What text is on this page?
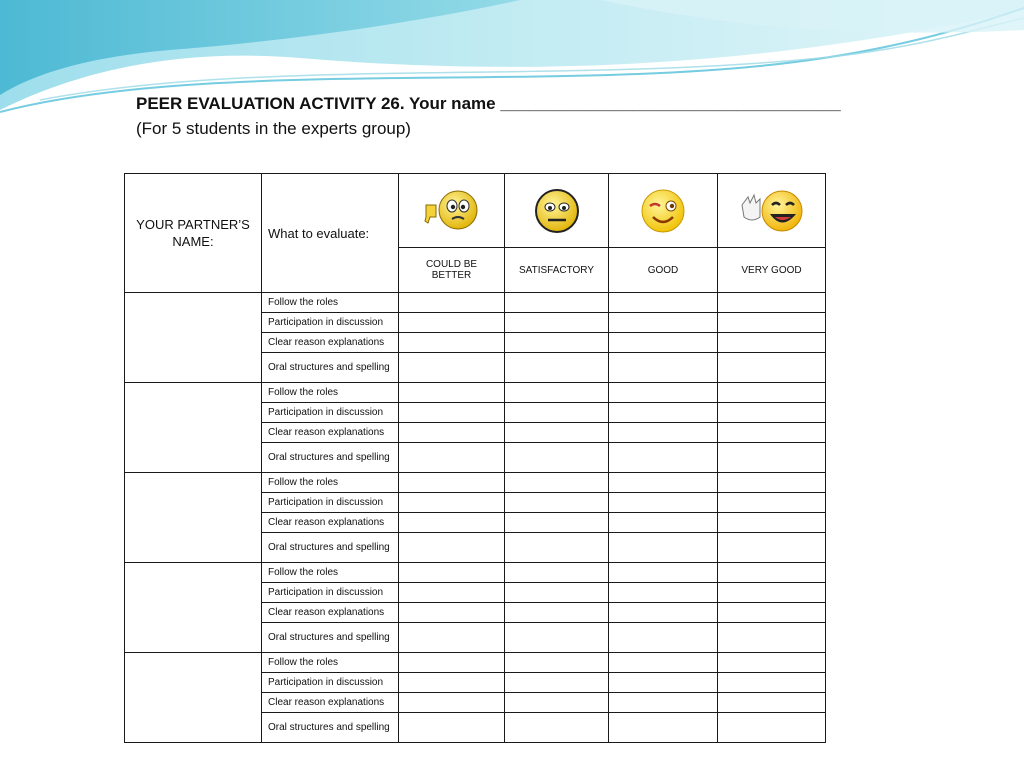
PEER EVALUATION ACTIVITY 26. Your name ____________________________________
(For 5 students in the experts group)
YOUR PARTNER’S NAME:	What to evaluate:				
		COULD BE BETTER	SATISFACTORY	GOOD	VERY GOOD
	Follow the roles				
	Participation in discussion				
	Clear reason explanations				
	Oral structures and spelling				
	Follow the roles				
	Participation in discussion				
	Clear reason explanations				
	Oral structures and spelling				
	Follow the roles				
	Participation in discussion				
	Clear reason explanations				
	Oral structures and spelling				
	Follow the roles				
	Participation in discussion				
	Clear reason explanations				
	Oral structures and spelling				
	Follow the roles				
	Participation in discussion				
	Clear reason explanations				
	Oral structures and spelling				
